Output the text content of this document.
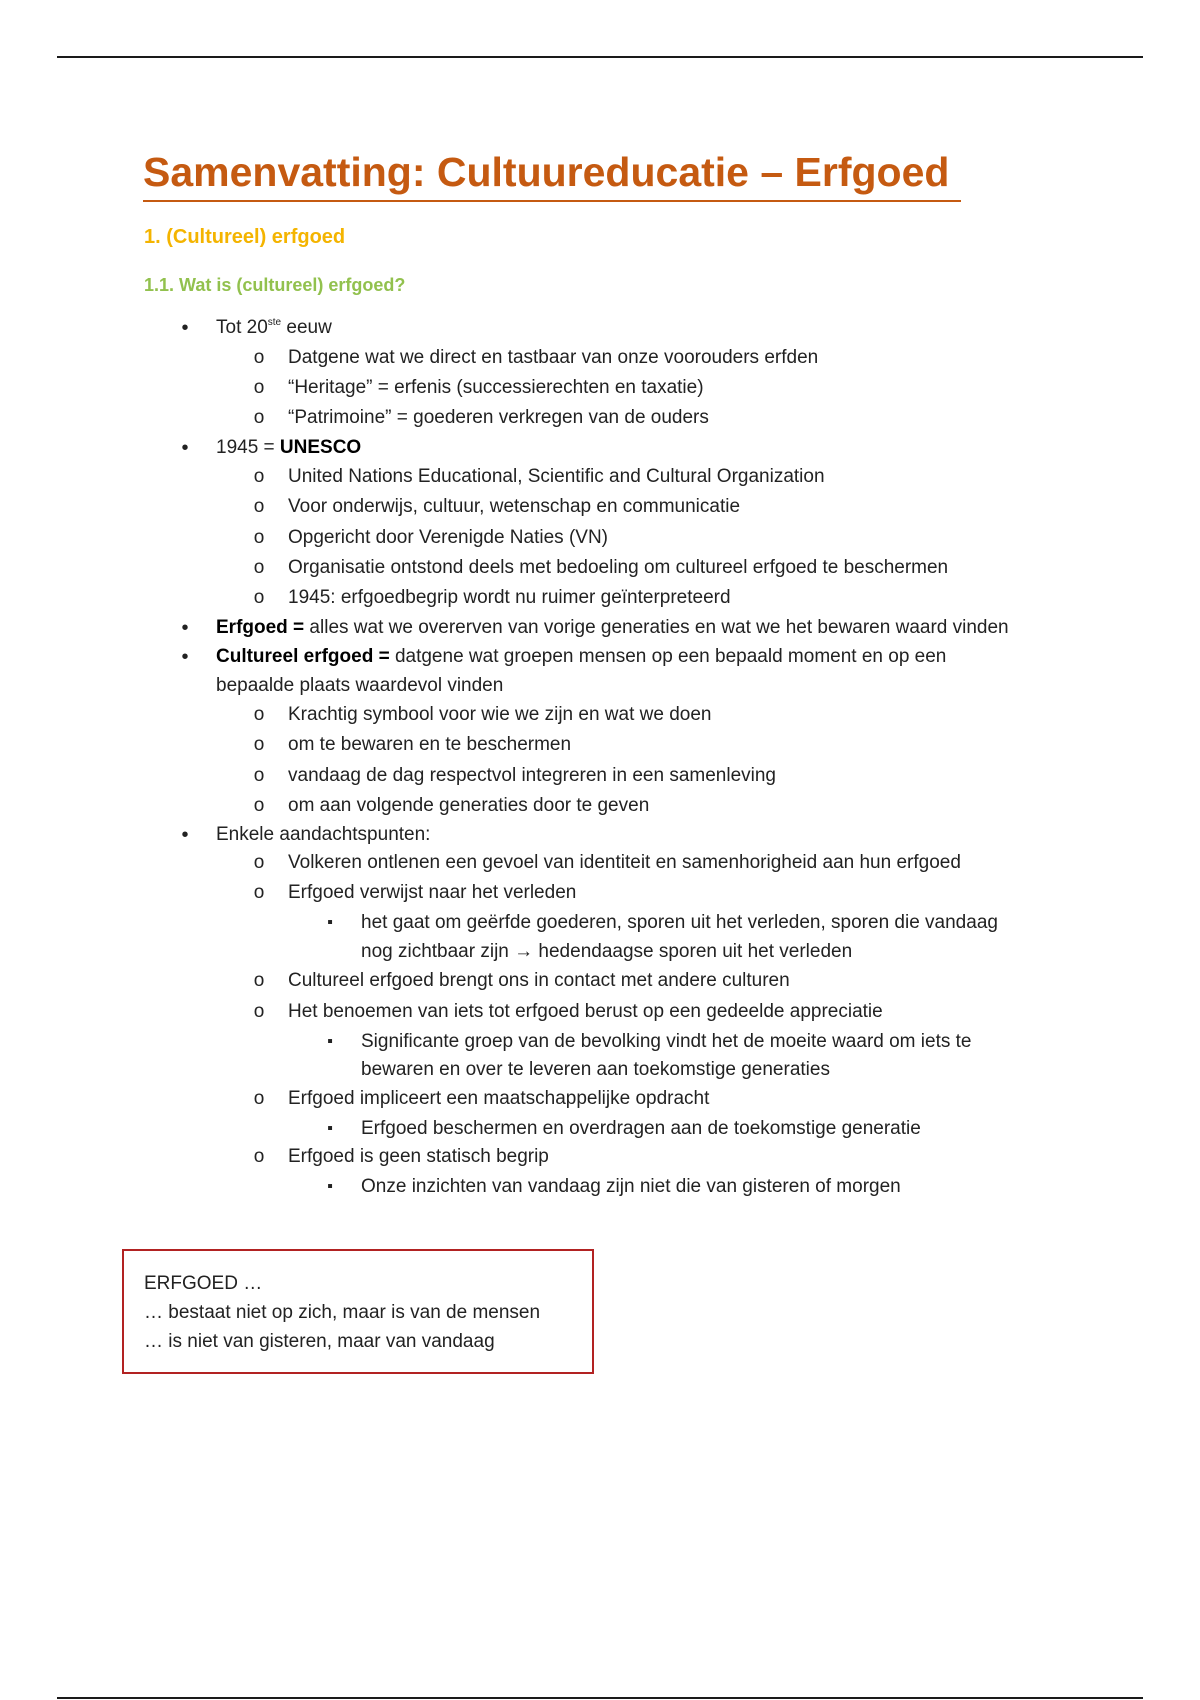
Samenvatting: Cultuureducatie – Erfgoed
1. (Cultureel) erfgoed
1.1. Wat is (cultureel) erfgoed?
•	Tot 20ste eeuw
o Datgene wat we direct en tastbaar van onze voorouders erfden
o “Heritage” = erfenis (successierechten en taxatie)
o “Patrimoine” = goederen verkregen van de ouders
•	1945 = UNESCO
o United Nations Educational, Scientific and Cultural Organization
o Voor onderwijs, cultuur, wetenschap en communicatie
o Opgericht door Verenigde Naties (VN)
o Organisatie ontstond deels met bedoeling om cultureel erfgoed te beschermen
o 1945: erfgoedbegrip wordt nu ruimer geïnterpreteerd
•	Erfgoed = alles wat we overerven van vorige generaties en wat we het bewaren waard vinden
•	Cultureel erfgoed = datgene wat groepen mensen op een bepaald moment en op een
bepaalde plaats waardevol vinden
o Krachtig symbool voor wie we zijn en wat we doen
o om te bewaren en te beschermen
o vandaag de dag respectvol integreren in een samenleving
o om aan volgende generaties door te geven
•	Enkele aandachtspunten:
o Volkeren ontlenen een gevoel van identiteit en samenhorigheid aan hun erfgoed
o Erfgoed verwijst naar het verleden
▪	het gaat om geërfde goederen, sporen uit het verleden, sporen die vandaag
nog zichtbaar zijn → hedendaagse sporen uit het verleden
o Cultureel erfgoed brengt ons in contact met andere culturen
o Het benoemen van iets tot erfgoed berust op een gedeelde appreciatie
▪	Significante groep van de bevolking vindt het de moeite waard om iets te
bewaren en over te leveren aan toekomstige generaties
o Erfgoed impliceert een maatschappelijke opdracht
▪	Erfgoed beschermen en overdragen aan de toekomstige generatie
o Erfgoed is geen statisch begrip
▪	Onze inzichten van vandaag zijn niet die van gisteren of morgen
ERFGOED …
… bestaat niet op zich, maar is van de mensen
… is niet van gisteren, maar van vandaag
